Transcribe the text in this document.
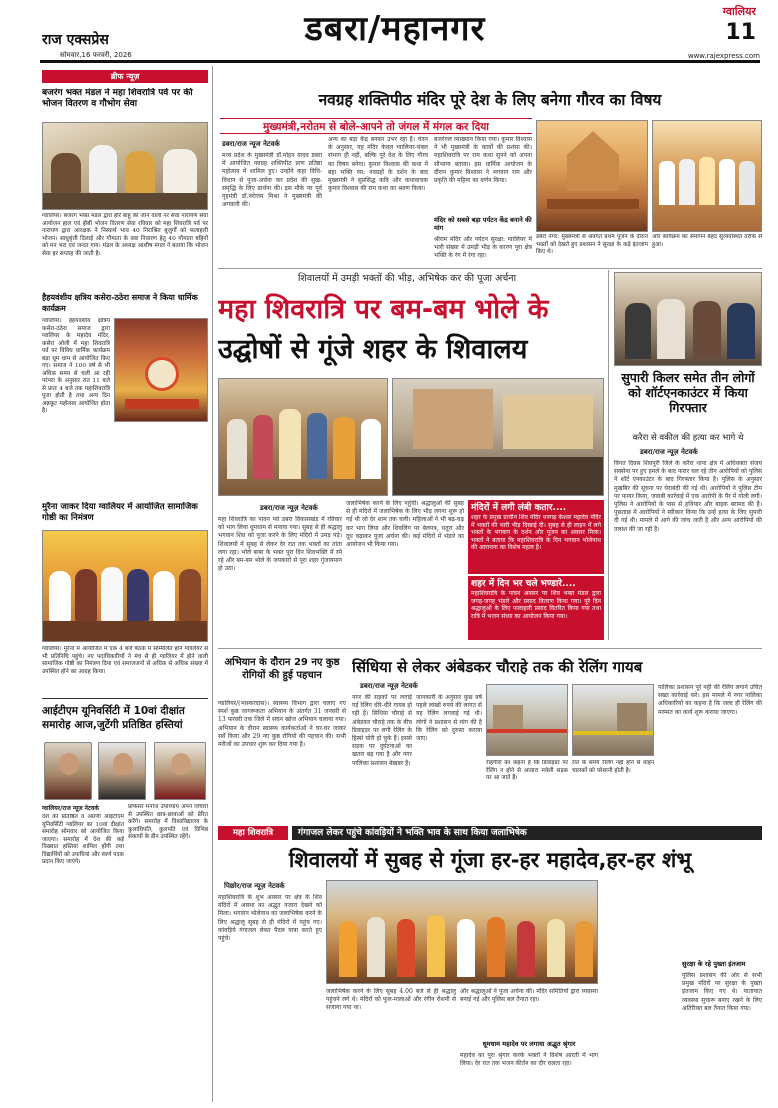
राज एक्सप्रेस
सोमवार,16 फरवरी, 2026
डबरा/महानगर	ग्वालियर
11
www.rajexpress.com
ब्रीफ न्यूज़
बजरंग भक्त मंडल ने महा शिवरात्रि पर्व पर की भोजन वितरण व गौभोग सेवा
ग्वालियर। बजरंग भक्त मंडल द्वारा हीरे बाहू की जाने वाली नर सेवा नारायण सेवा आयोजन हाल एवं हौबी भोजन वितरण सेवा रविवार को महा शिवरात्रि पर्व पर नारायण द्वारा आरक्षक ने निस्वार्थ भाव 40 निराश्रित बुजुर्गों को फलाहारी भोजन। साधुबृंत्ती दिलाई और गौमाता के कष्ट निवारण हेतु 40 गौमाता बहिनों को मन भरा एवं जन्दर गाय। मंडल के अध्यक्ष आशीष मंगल ने बताया कि भोजन सेवा हर सप्ताह की जाती है।
हैहयवंशीय क्षत्रिय कसेरा-ठठेरा समाज ने किया धार्मिक कार्यक्रम
ग्वालियर। हैहयवंशीय क्षत्रिय कसेरा-ठठेरा समाज द्वारा ग्वालियर के महादेव मंदिर, कसेरा ओली में महा शिवरात्रि पर्व पर विविध धार्मिक कार्यक्रम बड़ा धूम धाम से आयोजित किए गए। समाज ने 100 वर्ष से भी अधिक समय से चली आ रही परंपरा के अनुसार रात 11 बजे से प्रातः 4 बजे तक महाशिवरात्रि पूजा होती है तथा अन्य दिन अन्नकूट महोत्सव आयोजित होता है।
मुरैना जाकर दिया ग्वालियर में आयोजित सामाजिक गोष्ठी का निमंत्रण
ग्वालियर। मुरैना में आयोजित में एक 4 बजे बैठक में सम्मिलित होने ग्वालियर से भी प्रतिनिधि पहुंचे। नए पदाधिकारियों ने मंच से ही ग्वालियर में होने वाली सामाजिक गोष्ठी का निमंत्रण दिया एवं समाजजनों से अधिक से अधिक संख्या में उपस्थित होने का आग्रह किया।
आईटीएम यूनिवर्सिटी में 10वां दीक्षांत समारोह आज,जुटेंगी प्रतिष्ठित हस्तियां
ग्वालियर/राज न्यूज़ नेटवर्क
देश की प्रतिष्ठित व अग्रणी आईटीएम यूनिवर्सिटी ग्वालियर का 10वां दीक्षांत समारोह सोमवार को आयोजित किया जाएगा। समारोह में देश की कई विख्यात हस्तियां शामिल होंगी तथा विद्यार्थियों को उपाधियां और स्वर्ण पदक प्रदान किए जाएंगे।
प्रोफेसर मनोज उपाध्याय अपने विचारों से उपस्थित छात्र-छात्राओं को प्रेरित करेंगे। समारोह में विश्वविद्यालय के कुलाधिपति, कुलपति एवं विभिन्न संकायों के डीन उपस्थित रहेंगे।
नवग्रह शक्तिपीठ मंदिर पूरे देश के लिए बनेगा गौरव का विषय
मुख्यमंत्री,नरोतम से बोले-आपने तो जंगल में मंगल कर दिया
डबरा/राज न्यूज नेटवर्क
मध्य प्रदेश के मुख्यमंत्री डॉ.मोहन यादव डबरा में आयोजित नवग्रह शक्तिपीठ प्राण प्रतिष्ठा महोत्सव में शामिल हुए। उन्होंने कहा विधि-विधान से पूजा-अर्चना कर प्रदेश की सुख-समृद्धि के लिए प्रार्थना की। इस मौके पर पूर्व गृहमंत्री डॉ.नरोत्तम मिश्रा ने मुख्यमंत्री की अगवानी की।
अन्य का बड़ा केंद्र बनकर उभर रहा है। चंदन के अनुसार, यह मंदिर केवल ग्वालियर-चंबल संभाग ही नहीं, बल्कि पूरे देश के लिए गौरव का विषय बनेगा। कुमार विश्वास की कथा में बहा भक्ति रस: नवग्रहों के दर्शन के बाद मुख्यमंत्री ने सुप्रसिद्ध कवि और कथावाचक कुमार विश्वास की राम कथा का श्रवण किया।
बजरंगल व्याख्यान किया गया। कुमार विश्वास ने भी मुख्यमंत्री के कार्यों की प्रशंसा की। महाशिवरात्रि पर राम कथा सुनने को अपना सौभाग्य बताया। इस धार्मिक आयोजन के दौरान कुमार विश्वास ने भगवान राम और प्रकृति की महिमा का वर्णन किया।
मंदिर को सबसे बड़ा पर्यटन केंद्र बनाने की मांग
श्रीराम मंदिर और पर्यटन सुरक्षा: ग्वालियर में भारी संख्या में उमड़ी भीड़ के कारण पूरा क्षेत्र भक्ति के रंग में रंगा रहा।
डबरा नगर: मुख्यमंत्री से अवगत प्रथम पूजन के दौरान भक्तों को देखते हुए प्रशासन ने सुरक्षा के कड़े इंतजाम किए थे।
और कार्यक्रम का समापन बेहद सुव्यवस्थित तरीके से हुआ।
शिवालयों में उमड़ी भक्तों की भीड़, अभिषेक कर की पूजा अर्चना
महा शिवरात्रि पर बम-बम भोले के
उद्घोषों से गूंजे शहर के शिवालय
डबरा/राज न्यूज़ नेटवर्क
महा शिवरात्रि का पावन पर्व डबरा विकासखंड में रविवार को भाग लिया धूमधाम से मनाया गया। सुबह से ही श्रद्धालु भगवान शिव को पूजा करने के लिए मंदिरों में उमड़ पड़े। शिवालयों में सुबह से लेकर देर रात तक भक्तों का तांता लगा रहा। भोले बाबा के भक्त पूरा दिन शिवभक्ति में रमे रहे और बम-बम भोले के जयकारों से पूरा शहर गुंजायमान हो उठा।
जलाभिषेक करने के लिए पहुंची। श्रद्धालुओं की सुबह से ही मंदिरों में जलाभिषेक के लिए भीड़ लगना शुरू हो गई थी जो देर शाम तक चली। महिलाओं ने भी बढ़-चढ़ कर भाग लिया और शिवलिंग पर बेलपत्र, धतूरा और दूध चढ़ाकर पूजा अर्चना की। कई मंदिरों में भंडारे का आयोजन भी किया गया।
मंदिरों में लगी लंबी कतार....
शहर के प्रमुख प्राचीन शिव मंदिर धनगढ़ केश्वर महादेव मंदिर में भक्तों की भारी भीड़ दिखाई दी। सुबह से ही लाइन में लगे भक्तों के भगवान के दर्शन और पूजन का अवसर मिला। भक्तों ने बताया कि महाशिवरात्रि के दिन भगवान भोलेनाथ की आराधना का विशेष महत्व है।
शहर में दिन भर चले भण्डारे....
महाशिवरात्रि के पावन अवसर पर शिव भक्त मंडल द्वारा जगह-जगह भंडारे और प्रसाद वितरण किया गया। पूरे दिन श्रद्धालुओं के लिए फलाहारी प्रसाद वितरित किया गया तथा रात्रि में भजन संध्या का आयोजन किया गया।
सुपारी किलर समेत तीन लोगों को शॉर्टएनकाउंटर में किया गिरफ्तार
करैरा से वकील की हत्या कर भागे थे
डबरा/राज न्यूज़ नेटवर्क
विगत दिवस शिवपुरी जिले के करैरा थाना क्षेत्र में अधिवक्ता संजय सक्सेना पर हुए हमले के बाद फरार चल रहे तीन आरोपियों को पुलिस ने शॉर्ट एनकाउंटर के बाद गिरफ्तार किया है। पुलिस के अनुसार मुखबिर की सूचना पर घेराबंदी की गई थी। आरोपियों ने पुलिस टीम पर फायर किया, जवाबी कार्रवाई में एक आरोपी के पैर में गोली लगी। पुलिस ने आरोपियों के पास से हथियार और बाइक बरामद की है। पूछताछ में आरोपियों ने स्वीकार किया कि उन्हें हत्या के लिए सुपारी दी गई थी। मामले में आगे की जांच जारी है और अन्य आरोपियों की तलाश की जा रही है।
अभियान के दौरान 29 नए कुष्ठ रोगियों की हुई पहचान
ग्वालियर/(भास्करदास)। स्वास्थ्य विभाग द्वारा चलाए गए स्पर्श कुष्ठ जागरूकता अभियान के अंतर्गत 31 जनवरी से 13 फरवरी तक जिले में सघन खोज अभियान चलाया गया। अभियान के दौरान स्वास्थ्य कार्यकर्ताओं ने घर-घर जाकर सर्वे किया और 29 नए कुष्ठ रोगियों की पहचान की। सभी मरीजों का उपचार शुरू कर दिया गया है।
सिंधिया से लेकर अंबेडकर चौराहे तक की रेलिंग गायब
डबरा/राज न्यूज़ नेटवर्क
नगर की सड़कों पर लगाई गई रेलिंग धीरे-धीरे गायब हो रही है। सिंधिया चौराहे से अंबेडकर चौराहे तक के बीच डिवाइडर पर लगी रेलिंग के हिस्से चोरी हो चुके हैं। इससे सड़क पर दुर्घटनाओं का खतरा बढ़ गया है और नगर पालिका प्रशासन बेखबर है।
जानकारी के अनुसार कुछ वर्ष पहले लाखों रुपये की लागत से यह रेलिंग लगवाई गई थी। लोगों ने प्रशासन से मांग की है कि रेलिंग को दुरुस्त कराया जाए।
राहगीरों का कहना है कि डिवाइडर पर रेलिंग न होने से आवारा मवेशी सड़क पर आ जाते हैं।
रात के समय रेलिंग नहीं होने से वाहन चालकों को परेशानी होती है।
पालिका प्रशासन पूरे नहीं की रेलिंग लगाने उचित सख्त कार्रवाई करे। इस मामले में नगर पालिका अधिकारियों का कहना है कि जल्द ही रेलिंग की मरम्मत का कार्य शुरू कराया जाएगा।
महा शिवरात्रि	गंगाजल लेकर पहुंचे कांवड़ियों ने भक्ति भाव के साथ किया जलाभिषेक
शिवालयों में सुबह से गूंजा हर-हर महादेव,हर-हर शंभू
पिछोर/राज न्यूज़ नेटवर्क
महाशिवरात्रि के शुभ अवसर पर क्षेत्र के शिव मंदिरों में आस्था का अद्भुत नजारा देखने को मिला। भगवान भोलेनाथ का जलाभिषेक करने के लिए श्रद्धालु सुबह से ही मंदिरों में पहुंच गए। कांवड़िये गंगाजल लेकर पैदल यात्रा करते हुए पहुंचे।
जलाभिषेक करने के लिए सुबह 4.00 बजे से ही श्रद्धालु पहुंचने लगे थे। मंदिरों को फूल-मालाओं और रंगीन रोशनी से सजाया गया था।
और श्रद्धालुओं ने पूजा अर्चना की। मंदिर समितियों द्वारा व्यवस्था बनाई गई और पुलिस बल तैनात रहा।
धूमधाम महादेव पर लगाया अद्भुत श्रृंगार
महादेव का पूरा श्रृंगार करके भक्तों ने विशेष आरती में भाग लिया। देर रात तक भजन कीर्तन का दौर चलता रहा।
सुरक्षा के रहे पुख्ता इंतजाम
पुलिस प्रशासन की ओर से सभी प्रमुख मंदिरों पर सुरक्षा के पुख्ता इंतजाम किए गए थे। यातायात व्यवस्था सुचारू बनाए रखने के लिए अतिरिक्त बल तैनात किया गया।
